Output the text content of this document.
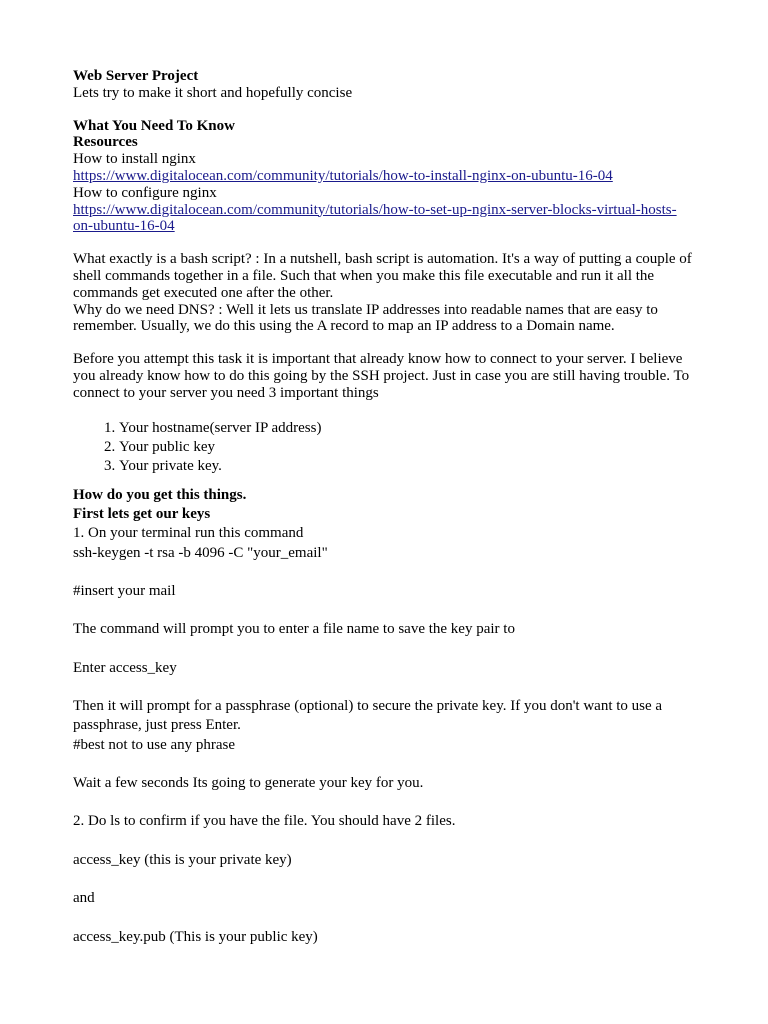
Web Server Project

Lets try to make it short and hopefully concise

What You Need To Know

Resources

How to install nginx

https://www.digitalocean.com/community/tutorials/how-to-install-nginx-on-ubuntu-16-04

How to configure nginx

https://www.digitalocean.com/community/tutorials/how-to-set-up-nginx-server-blocks-virtual-hosts-on-ubuntu-16-04

What exactly is a bash script? : In a nutshell, bash script is automation. It's a way of putting a couple of shell commands together in a file. Such that when you make this file executable and run it all the commands get executed one after the other.

Why do we need DNS? : Well it lets us translate IP addresses into readable names that are easy to remember. Usually, we do this using the A record to map an IP address to a Domain name.

Before you attempt this task it is important that already know how to connect to your server. I believe you already know how to do this going by the SSH project. Just in case you are still having trouble. To connect to your server you need 3 important things

1. Your hostname(server IP address)
2. Your public key
3. Your private key.

How do you get this things.

First lets get our keys

1. On your terminal run this command

ssh-keygen -t rsa -b 4096 -C "your_email"

#insert your mail

The command will prompt you to enter a file name to save the key pair to

Enter access_key

Then it will prompt for a passphrase (optional) to secure the private key. If you don't want to use a passphrase, just press Enter.

#best not to use any phrase

Wait a few seconds Its going to generate your key for you.

2. Do ls to confirm if you have the file. You should have 2 files.

access_key (this is your private key)

and

access_key.pub (This is your public key)
